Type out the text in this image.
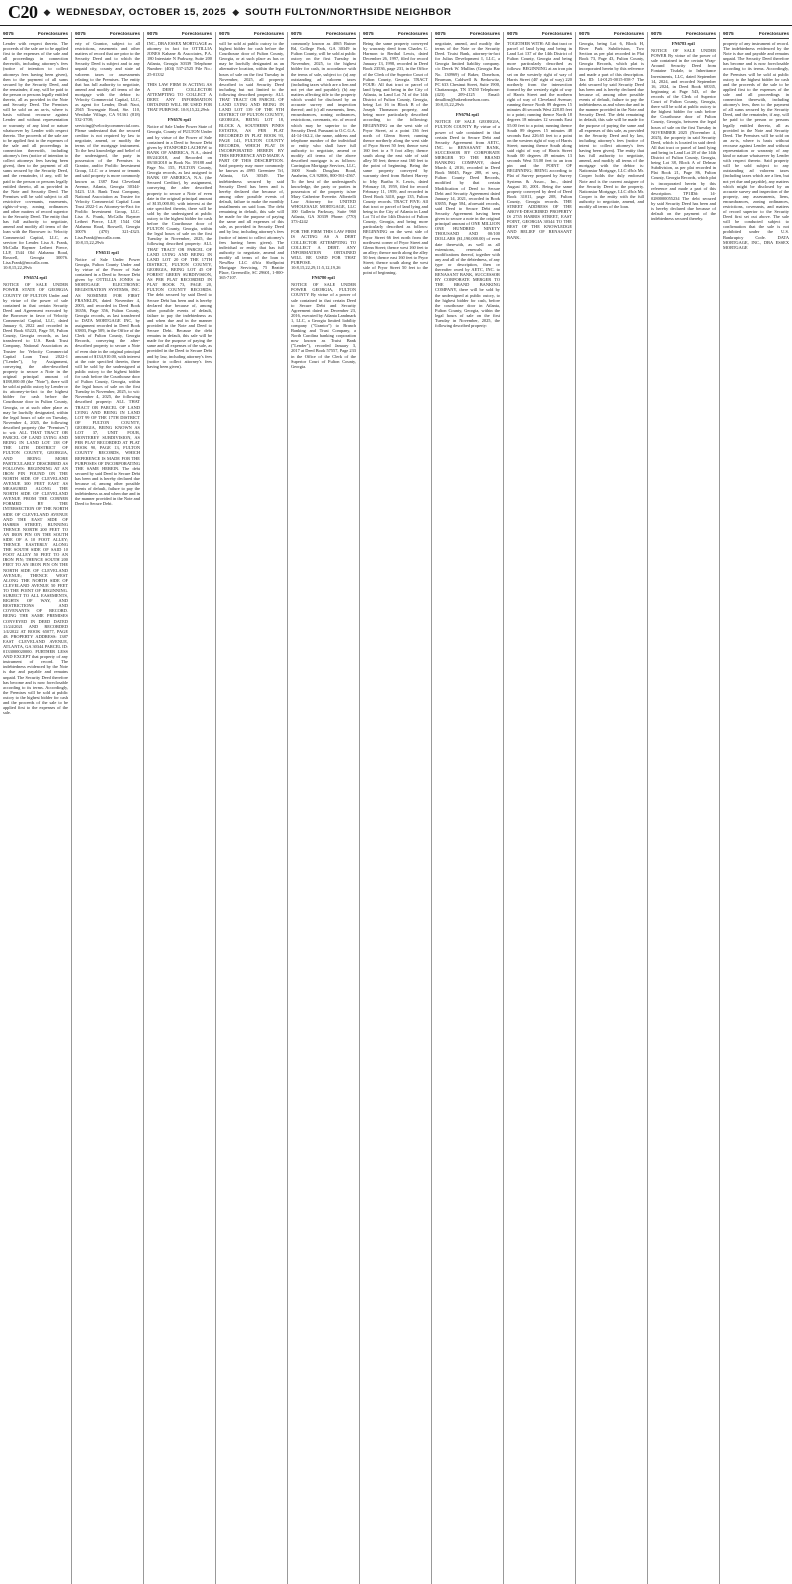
C20 ◆ WEDNESDAY, OCTOBER 15, 2025 ◆ SOUTH FULTON/NORTHSIDE NEIGHBOR
9075	Foreclosures
Lender with respect thereto. The proceeds of the sale are to be applied first to the expenses of the sale and all proceedings in connection therewith, including attorney's fees (notice of intention to collect attorneys fees having been given), then to the payment of all sums secured by the Security Deed, and the remainder, if any, will be paid to the person or persons legally entitled thereto, all as provided in the Note and Security Deed. The Premises will be sold on an as-is, where is basis without recourse against Lender and without representation or warranty of any kind or nature whatsoever by Lender with respect thereto. The proceeds of the sale are to be applied first to the expenses of the sale and all proceedings in connection therewith, including attorney's fees (notice of intention to collect attorneys fees having been given), then to the payment of all sums secured by the Security Deed, and the remainder, if any, will be paid to the person or persons legally entitled thereto, all as provided in the Note and Security Deed. The Premises will be sold subject to all restrictive covenants, easements, rights-of-way, zoning ordinances and other matters of record superior to the Security Deed. The entity that has full authority to negotiate, amend and modify all terms of the loan with the Borrower is: Velocity Commercial Capital, LLC, as servicer for Lender. Lisa A. Frank, McCalla Raymer Leibert Pierce, LLP, 1544 Old Alabama Road, Roswell, Georgia 30076. Lisa.Frank@mccalla.com. 10:8,15,22,29vb
FN6574 epi1
NOTICE OF SALE UNDER POWER STATE OF GEORGIA COUNTY OF FULTON Under and by virtue of the power of sale contained in that certain Security Deed and Agreement executed by the Borrower in favor of Velocity Commercial Capital, LLC, dated January 6, 2022 and recorded in Deed Book 65223, Page 58, Fulton County, Georgia records, as last transferred to U.S. Bank Trust Company, National Association as Trustee for Velocity Commercial Capital Loan Trust 2022-1 ("Lender"), by Assignment, conveying the after-described property to secure a Note in the original principal amount of $188,000.00 (the "Note"), there will be sold at public outcry by Lender or its attorney-in-fact to the highest bidder for cash before the Courthouse door in Fulton County, Georgia, or at such other place as may be lawfully designated, within the legal hours of sale on Tuesday, November 4, 2025, the following described property (the "Premises") to wit: ALL THAT TRACT OR PARCEL OF LAND LYING AND BEING IN LAND LOT 138 OF THE 14TH DISTRICT OF FULTON COUNTY, GEORGIA, AND BEING MORE PARTICULARLY DESCRIBED AS FOLLOWS: BEGINNING AT AN IRON PIN FOUND ON THE NORTH SIDE OF CLEVELAND AVENUE 300 FEET EAST AS MEASURED ALONG THE NORTH SIDE OF CLEVELAND AVENUE FROM THE CORNER FORMED BY THE INTERSECTION OF THE NORTH SIDE OF CLEVELAND AVENUE AND THE EAST SIDE OF HARRIS STREET; RUNNING THENCE NORTH 200 FEET TO AN IRON PIN ON THE SOUTH SIDE OF A 10 FOOT ALLEY; THENCE EASTERLY ALONG THE SOUTH SIDE OF SAID 10 FOOT ALLEY 50 FEET TO AN IRON PIN; THENCE SOUTH 200 FEET TO AN IRON PIN ON THE NORTH SIDE OF CLEVELAND AVENUE; THENCE WEST ALONG THE NORTH SIDE OF CLEVELAND AVENUE 50 FEET TO THE POINT OF BEGINNING. SUBJECT TO ALL EASEMENTS, RIGHTS OF WAY, AND RESTRICTIONS AND COVENANTS OF RECORD. BEING THE SAME PREMISES CONVEYED IN DEED DATED 11/24/2021 AND RECORDED 1/4/2022 AT BOOK 65077, PAGE 48. PROPERTY ADDRESS: 1387 EAST CLEVELAND AVENUE, ATLANTA, GA 30344 PARCEL ID: 0133000020000. FURTHER LESS AND EXCEPT that property of any instrument of record. The indebtedness evidenced by the Note is due and payable and remains unpaid. The Security Deed therefore has become and is now foreclosable according to its terms. Accordingly, the Premises will be sold at public outcry to the highest bidder for cash and the proceeds of the sale to be applied first to the expenses of the sale.
9075	Foreclosures
erty of Grantor, subject to all restrictions, easements and other matters of record that are prior to the Security Deed and to which the Security Deed is subject and to any unpaid city, county and state ad valorem taxes or assessments relating to the Premises. The entity that has full authority to negotiate, amend and modify all terms of the mortgage with the debtor is: Velocity Commercial Capital, LLC, as agent for Lender, Draft Naoi, 2945 Townsgate Road, Ste. 110, Westlake Village, CA 91361 (818) 532-3708; servicing@velocitycommercial.com. Please understand that the secured creditor is not required by law to negotiate, amend, or modify the terms of the mortgage instrument. To the best knowledge and belief of the undersigned, the party in possession of the Premises is Grantor, and/or Prolific Investment Group, LLC or a tenant or tenants and said property is more commonly known as 1387 East Cleveland Avenue, Atlanta, Georgia 30344-5423. U.S. Bank Trust Company, National Association as Trustee for Velocity Commercial Capital Loan Trust 2022-1 as Attorney-in-Fact for Prolific Investment Group, LLC. Lisa A. Frank, McCalla Raymer Leibert Pierce, LLP, 1544 Old Alabama Road, Roswell, Georgia 30076 (470) 321-4323. Lisa.Frank@mccalla.com. 10:8,15,22,29vb
FN6511 epi1
Notice of Sale Under Power Georgia, Fulton County Under and by virtue of the Power of Sale contained in a Deed to Secure Debt given by OTTILLIA JONES to MORTGAGE ELECTRONIC REGISTRATION SYSTEMS, INC. AS NOMINEE FOR FIRST FRANKLIN, dated November 4, 2003, and recorded in Deed Book 36356, Page 356, Fulton County, Georgia records, as last transferred to DATA MORTGAGE INC, by assignment recorded in Deed Book 63803, Page 509, in the Office of the Clerk of Fulton County, Georgia Records, conveying the after-described property to secure a Note of even date in the original principal amount of $134,910.00, with interest at the rate specified therein, there will be sold by the undersigned at public outcry to the highest bidder for cash before the Courthouse door of Fulton County, Georgia, within the legal hours of sale on the first Tuesday in November, 2025, to wit: November 4, 2025, the following described property: ALL THAT TRACT OR PARCEL OF LAND LYING AND BEING IN LAND LOT 99 OF THE 17TH DISTRICT OF FULTON COUNTY, GEORGIA, BEING KNOWN AS LOT 37, UNIT FOUR, MONTEREY SUBDIVISION, AS PER PLAT RECORDED AT PLAT BOOK 90, PAGE 13, FULTON COUNTY RECORDS, WHICH REFERENCE IS MADE FOR THE PURPOSES OF INCORPORATING THE SAME HEREIN. The debt secured by said Deed to Secure Debt has been and is hereby declared due because of, among other possible events of default, failure to pay the indebtedness as and when due and in the manner provided in the Note and Deed to Secure Debt.
9075	Foreclosures
INC., DBA ESSEX MORTGAGE as attorney in fact for OTTILLIA JONES Kahane & Associates, P.A. 180 Interstate N Parkway, Suite 200 Atlanta, Georgia 30339 Telephone Number: (404) 537-2525 File No.: 25-01332
THIS LAW FIRM IS ACTING AS A DEBT COLLECTOR ATTEMPTING TO COLLECT A DEBT. ANY INFORMATION OBTAINED WILL BE USED FOR THAT PURPOSE. 10:8,15,22,29vb
FN6576 epi1
Notice of Sale Under Power State of Georgia, County of FULTON Under and by virtue of the Power of Sale contained in a Deed to Secure Debt given by STANFORD LACHOW to BANK OF AMERICA, N.A., dated 08/24/2018, and Recorded on 08/30/2018 in Book No. 59188 and Page No. 155, FULTON County, Georgia records, as last assigned to BANK OF AMERICA, N.A. (the Secured Creditor), by assignment, conveying the after described property to secure a Note of even date in the original principal amount of $135,000.00, with interest at the rate specified therein, there will be sold by the undersigned at public outcry to the highest bidder for cash before the Courthouse door of FULTON County, Georgia, within the legal hours of sale on the first Tuesday in November, 2025, the following described property: ALL THAT TRACT OR PARCEL OF LAND LYING AND BEING IN LAND LOT 20 OF THE 17TH DISTRICT, FULTON COUNTY, GEORGIA, BEING LOT 45 OF FOREST GREEN SUBDIVISION, AS PER PLAT RECORDED IN PLAT BOOK 73, PAGE 20, FULTON COUNTY RECORDS. The debt secured by said Deed to Secure Debt has been and is hereby declared due because of, among other possible events of default, failure to pay the indebtedness as and when due and in the manner provided in the Note and Deed to Secure Debt. Because the debt remains in default, this sale will be made for the purpose of paying the same and all expenses of the sale, as provided in the Deed to Secure Debt and by law, including attorney's fees (notice to collect attorney's fees having been given).
9075	Foreclosures
will be sold at public outcry to the highest bidder for cash before the Courthouse door of Fulton County, Georgia, or at such place as has or may be lawfully designated as an alternative location, within the legal hours of sale on the first Tuesday in November, 2025, all property described in said Security Deed including but not limited to the following described property: ALL THAT TRACT OR PARCEL OF LAND LYING AND BEING IN LAND LOT 139 OF THE 9TH DISTRICT OF FULTON COUNTY, GEORGIA, BEING LOT 18, BLOCK A, SOUTHERN PINES ESTATES, AS PER PLAT RECORDED IN PLAT BOOK 93, PAGE 141, FULTON COUNTY RECORDS, WHICH PLAT IS INCORPORATED HEREIN BY THIS REFERENCE AND MADE A PART OF THIS DESCRIPTION. Said property may more commonly be known as 4995 Greentree Trl, Atlanta, GA 30349. The indebtedness secured by said Security Deed has been and is hereby declared due because of, among other possible events of default, failure to make the monthly installments on said loan. The debt remaining in default, this sale will be made for the purpose of paying the same and all expenses of this sale, as provided in Security Deed and by law, including attorney's fees (notice of intent to collect attorney's fees having been given). The individual or entity that has full authority to negotiate, amend and modify all terms of the loan is NewRez LLC d/b/a Shellpoint Mortgage Servicing, 75 Beattie Place, Greenville, SC 29601, 1-800-365-7107.
9075	Foreclosures
commonly known as 4065 Butner Rd, College Park, GA 30349 in Fulton County, will be sold at public outcry on the first Tuesday in November, 2025, to the highest bidder for cash, in accordance with the terms of sale, subject to: (a) any outstanding ad valorem taxes (including taxes which are a lien and not yet due and payable); (b) any matters affecting title to the property which would be disclosed by an accurate survey and inspection thereof; and (c) all easements, liens, encumbrances, zoning ordinances, restrictions, covenants, etc. of record which may be superior to the Security Deed. Pursuant to O.C.G.A. 44-14-162.2, the name, address and telephone number of the individual or entity who shall have full authority to negotiate, amend or modify all terms of the above described mortgage is as follows: Carrington Mortgage Services, LLC, 1600 South Douglass Road, Anaheim, CA 92806, 800-561-4567. To the best of the undersigned's knowledge, the party or parties in possession of the property is/are Mary Catherine Everette. Albertelli Law Attorney for UNITED WHOLESALE MORTGAGE, LLC 100 Galleria Parkway, Suite 960 Atlanta, GA 30339 Phone: (770) 373-4242
FOR THE FIRM THIS LAW FIRM IS ACTING AS A DEBT COLLECTOR ATTEMPTING TO COLLECT A DEBT. ANY INFORMATION OBTAINED WILL BE USED FOR THAT PURPOSE. 10:8,15,22,29,11:5,12,19,26
FN6780 epi1
NOTICE OF SALE UNDER POWER GEORGIA, FULTON COUNTY By virtue of a power of sale contained in that certain Deed to Secure Debt and Security Agreement dated on December 23, 2016, executed by Atlanta Landmark 1, LLC, a Georgia limited liability company ("Grantor") to Branch Banking and Trust Company, a North Carolina banking corporation now known as Truist Bank ("Lender"), recorded January 3, 2017 at Deed Book 57557, Page 233 in the Office of the Clerk of the Superior Court of Fulton County, Georgia.
9075	Foreclosures
Being the same property conveyed by warranty deed from Charles C. Harmon to Berthal Lewis, dated December 26, 1997, filed for record January 13, 1998, recorded in Deed Book 23536, page 231, in the Office of the Clerk of the Superior Court of Fulton County, Georgia. TRACT FOUR: All that tract or parcel of land lying and being in the City of Atlanta, in Land Lot 74 of the 14th District of Fulton County, Georgia, being Lot 16 in Block B of the Joseph Thomason property, and being more particularly described according to the following: BEGINNING on the west side of Pryor Street, at a point 136 feet north of Glenn Street; running thence northerly along the west side of Pryor Street 50 feet; thence west 160 feet to a 9 foot alley; thence south along the east side of said alley 50 feet; thence east 160 feet to the point of beginning. Being the same property conveyed by warranty deed from Robert Harvey to Irby Burtha S. Lewis, dated February 10, 1959, filed for record February 11, 1959, and recorded in Deed Book 3410, page 135, Fulton County records. TRACT FIVE: All that tract or parcel of land lying and being in the City of Atlanta in Land Lot 74 of the 14th District of Fulton County, Georgia, and being more particularly described as follows: BEGINNING on the west side of Pryor Street 66 feet north from the northwest corner of Pryor Street and Glenn Street; thence west 160 feet to an alley; thence north along the alley 50 feet; thence east 160 feet to Pryor Street; thence south along the west side of Pryor Street 50 feet to the point of beginning.
9075	Foreclosures
negotiate, amend, and modify the terms of the Note or the Security Deed. Truist Bank, attorney-in-fact for Julius Development I, LLC, a Georgia limited liability company. c/o Derek W. Mullins (Georgia Bar No. 130969) of Baker, Donelson, Bearman, Caldwell & Berkowitz, PC 633 Chestnut Street, Suite 1900, Chattanooga, TN 37450 Telephone: (423) 209-4125 Email: dmullins@bakerdonelson.com. 10:8,15,22,29vb
FN6794 epi1
NOTICE OF SALE GEORGIA, FULTON COUNTY By virtue of a power of sale contained in that certain Deed to Secure Debt and Security Agreement from AETC, INC. to RENASANT BANK, SUCCESSOR BY CORPORATE MERGER TO THE BRAND BANKING COMPANY, dated March 4, 2016, recorded in Deed Book 56045, Page 288, et seq., Fulton County Deed Records, modified by that certain Modification of Deed to Secure Debt and Security Agreement dated January 14, 2021, recorded in Book 63855, Page 584, aforesaid records, said Deed to Secure Debt and Security Agreement having been given to secure a note in the original principal amount of ONE MILLION ONE HUNDRED NINETY THOUSAND AND 00/100 DOLLARS ($1,190,000.00) of even date therewith, as well as all extensions, renewals and modifications thereof, together with any and all of the debtedness, of any type or description, then or thereafter owed by AETC, INC. to RENASANT BANK, SUCCESSOR BY CORPORATE MERGER TO THE BRAND BANKING COMPANY, there will be sold by the undersigned at public outcry, to the highest bidder for cash, before the courthouse door in Atlanta, Fulton County, Georgia, within the legal hours of sale on the first Tuesday in November, 2025, the following described property:
9075	Foreclosures
TOGETHER WITH: All that tract or parcel of land lying and being in Land Lot 137 of the 14th District of Fulton County, Georgia and being more particularly described as follows: BEGINNING at an iron pin set on the westerly right of way of Harris Street (40' right of way) 220 northerly from the intersection formed by the westerly right of way of Harris Street and the northern right of way of Cleveland Avenue; running thence North 89 degrees 15 minutes 46 seconds West 228.05 feet to a point; running thence North 18 degrees 18 minutes 12 seconds East 55.00 feet to a point; running thence South 89 degrees 15 minutes 48 seconds East 226.65 feet to a point on the western right of way of Harris Street; running thence South along said right of way of Harris Street South 00 degrees 49 minutes 13 seconds West 53.00 feet to an iron pin and the POINT OF BEGINNING; BEING according to Plat of Survey prepared by Survey Systems & Assoc., Inc., dated August 10, 2001. Being the same property conveyed by deed of Deed Book 31011, page 208, Fulton County, Georgia records. THE STREET ADDRESS OF THE ABOVE-DESCRIBED PROPERTY IS 2735 HARRIS STREET, EAST POINT, GEORGIA 30344 TO THE BEST OF THE KNOWLEDGE AND BELIEF OF RENASANT BANK.
9075	Foreclosures
Georgia, being Lot 6, Block H, River Park Subdivision, Two Section as per plat recorded in Plat Book 73, Page 43, Fulton County, Georgia Records, which plat is incorporated herein by this reference and made a part of this description. Tax ID: 14-0125-0015-058-7 The debt secured by said Security Deed has been and is hereby declared due because of, among other possible events of default, failure to pay the indebtedness as and when due and in the manner provided in the Note and Security Deed. The debt remaining in default, this sale will be made for the purpose of paying the same and all expenses of this sale, as provided in the Security Deed and by law, including attorney's fees (notice of intent to collect attorney's fees having been given). The entity that has full authority to negotiate, amend, and modify all terms of the mortgage with the debtor is: Nationstar Mortgage, LLC d/b/a Mr. Cooper holds the duly endorsed Note and is the current assignee of the Security Deed to the property. Nationstar Mortgage, LLC d/b/a Mr. Cooper is the entity with the full authority to negotiate, amend, and modify all terms of the loan.
9075	Foreclosures
FN6783 epi1
NOTICE OF SALE UNDER POWER By virtue of the power of sale contained in the certain Wrap-Around Security Deed from Fontaine Tisdale, to Inheritance Investments, LLC, dated September 14, 2024, and recorded September 16, 2024, in Deed Book 68335, beginning at Page 543, of the records of the Clerk of Superior Court of Fulton County, Georgia, there will be sold at public outcry to the highest bidder for cash before the Courthouse door of Fulton County, Georgia, between the legal hours of sale on the first Tuesday in NOVEMBER 2025 (November 4, 2025), the property in said Security Deed, which is located in said deed: All that tract or parcel of land lying and being in Land Lot 28 of the 14th District of Fulton County, Georgia, being Lot 38, Block A of Delmar Subdivision, as per plat recorded in Plat Book 21, Page 86, Fulton County, Georgia Records, which plat is incorporated herein by this reference and made a part of this description. TP1ID#: 14-0280000055234 The debt secured by said Security Deed has been and is hereby declared due because of default on the payment of the indebtedness secured thereby.
9075	Foreclosures
property of any instrument of record. The indebtedness evidenced by the Note is due and payable and remains unpaid. The Security Deed therefore has become and is now foreclosable according to its terms. Accordingly, the Premises will be sold at public outcry to the highest bidder for cash and the proceeds of the sale to be applied first to the expenses of the sale and all proceedings in connection therewith, including attorney's fees, then to the payment of all sums secured by the Security Deed, and the remainder, if any, will be paid to the person or persons legally entitled thereto, all as provided in the Note and Security Deed. The Premises will be sold on an as-is, where is basis without recourse against Lender and without representation or warranty of any kind or nature whatsoever by Lender with respect thereto. Said property will be sold subject to any outstanding ad valorem taxes (including taxes which are a lien, but not yet due and payable), any matters which might be disclosed by an accurate survey and inspection of the property, any assessments, liens, encumbrances, zoning ordinances, restrictions, covenants, and matters of record superior to the Security Deed first set out above. The sale will be conducted subject to confirmation that the sale is not prohibited under the U.S. Bankruptcy Code. DATA MORTGAGE, INC., DBA ESSEX MORTGAGE
